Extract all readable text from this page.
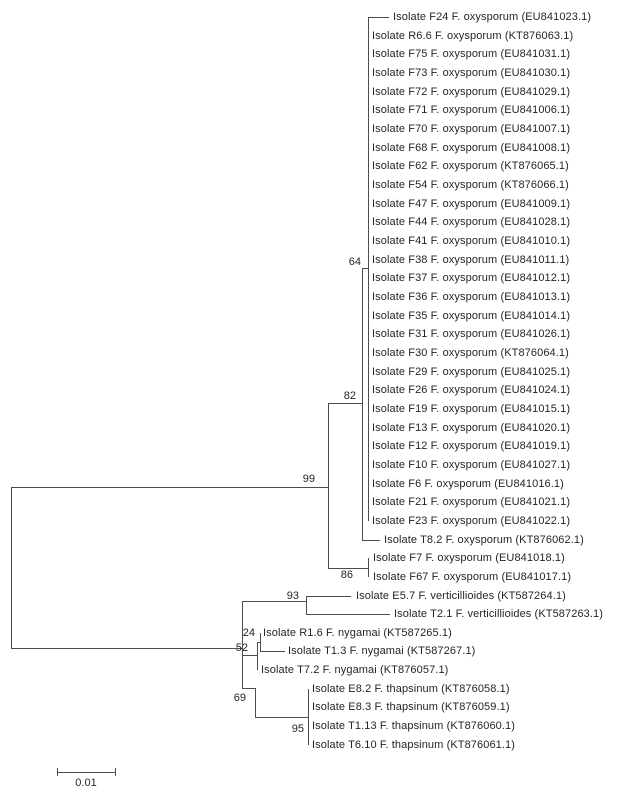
Isolate F24 F. oxysporum (EU841023.1)
Isolate R6.6 F. oxysporum (KT876063.1)
Isolate F75 F. oxysporum (EU841031.1)
Isolate F73 F. oxysporum (EU841030.1)
Isolate F72 F. oxysporum (EU841029.1)
Isolate F71 F. oxysporum (EU841006.1)
Isolate F70 F. oxysporum (EU841007.1)
Isolate F68 F. oxysporum (EU841008.1)
Isolate F62 F. oxysporum (KT876065.1)
Isolate F54 F. oxysporum (KT876066.1)
Isolate F47 F. oxysporum (EU841009.1)
Isolate F44 F. oxysporum (EU841028.1)
Isolate F41 F. oxysporum (EU841010.1)
Isolate F38 F. oxysporum (EU841011.1)
Isolate F37 F. oxysporum (EU841012.1)
Isolate F36 F. oxysporum (EU841013.1)
Isolate F35 F. oxysporum (EU841014.1)
Isolate F31 F. oxysporum (EU841026.1)
Isolate F30 F. oxysporum (KT876064.1)
Isolate F29 F. oxysporum (EU841025.1)
Isolate F26 F. oxysporum (EU841024.1)
Isolate F19 F. oxysporum (EU841015.1)
Isolate F13 F. oxysporum (EU841020.1)
Isolate F12 F. oxysporum (EU841019.1)
Isolate F10 F. oxysporum (EU841027.1)
Isolate F6 F. oxysporum (EU841016.1)
Isolate F21 F. oxysporum (EU841021.1)
Isolate F23 F. oxysporum (EU841022.1)
Isolate T8.2 F. oxysporum (KT876062.1)
Isolate F7 F. oxysporum (EU841018.1)
Isolate F67 F. oxysporum (EU841017.1)
Isolate E5.7 F. verticillioides (KT587264.1)
Isolate T2.1 F. verticillioides (KT587263.1)
Isolate R1.6 F. nygamai (KT587265.1)
Isolate T1.3 F. nygamai (KT587267.1)
Isolate T7.2 F. nygamai (KT876057.1)
Isolate E8.2 F. thapsinum (KT876058.1)
Isolate E8.3 F. thapsinum (KT876059.1)
Isolate T1.13 F. thapsinum (KT876060.1)
Isolate T6.10 F. thapsinum (KT876061.1)
64
82
99
86
93
24
52
69
95
0.01
